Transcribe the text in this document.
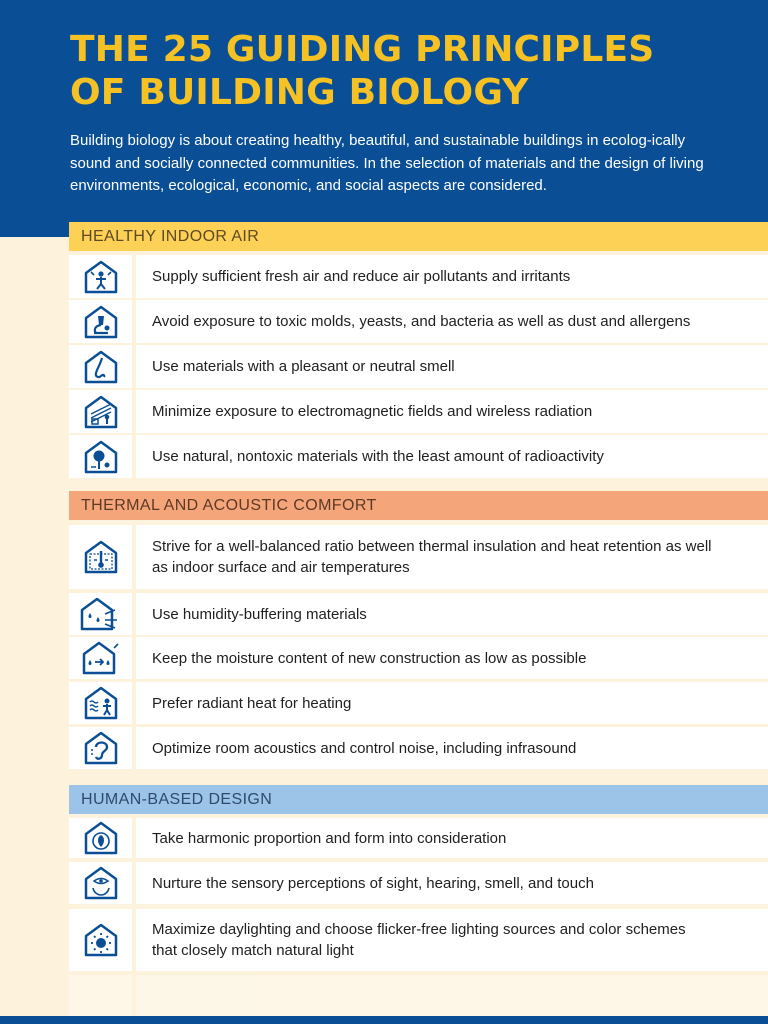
THE 25 GUIDING PRINCIPLES
OF BUILDING BIOLOGY
Building biology is about creating healthy, beautiful, and sustainable buildings in ecolog-ically sound and socially connected communities. In the selection of materials and the design of living environments, ecological, economic, and social aspects are considered.
HEALTHY INDOOR AIR
Supply sufficient fresh air and reduce air pollutants and irritants
Avoid exposure to toxic molds, yeasts, and bacteria as well as dust and allergens
Use materials with a pleasant or neutral smell
Minimize exposure to electromagnetic fields and wireless radiation
Use natural, nontoxic materials with the least amount of radioactivity
THERMAL AND ACOUSTIC COMFORT
Strive for a well-balanced ratio between thermal insulation and heat retention as well as indoor surface and air temperatures
Use humidity-buffering materials
Keep the moisture content of new construction as low as possible
Prefer radiant heat for heating
Optimize room acoustics and control noise, including infrasound
HUMAN-BASED DESIGN
Take harmonic proportion and form into consideration
Nurture the sensory perceptions of sight, hearing, smell, and touch
Maximize daylighting and choose flicker-free lighting sources and color schemes that closely match natural light
